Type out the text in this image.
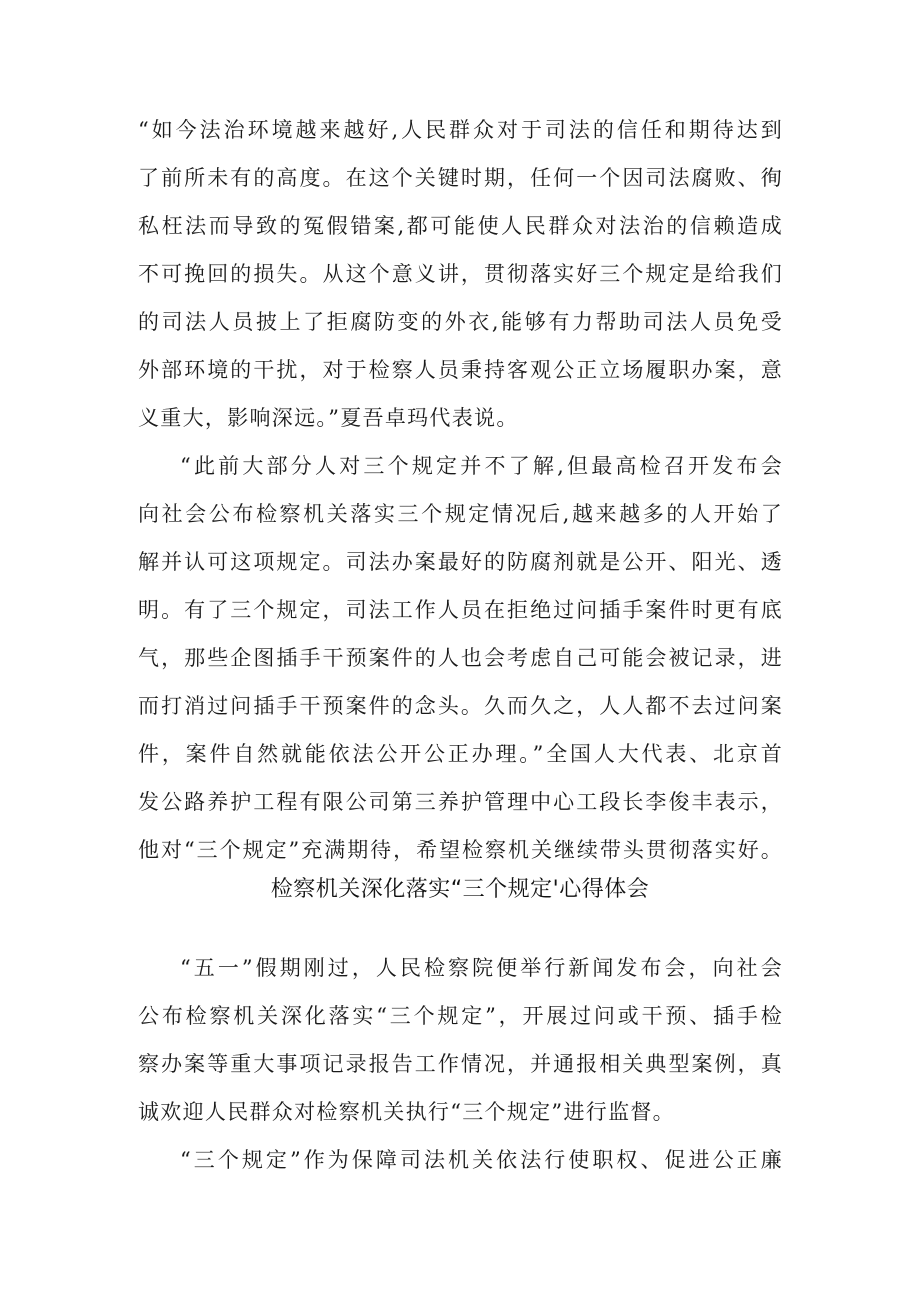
“如今法治环境越来越好,人民群众对于司法的信任和期待达到
了前所未有的高度。在这个关键时期，任何一个因司法腐败、徇
私枉法而导致的冤假错案,都可能使人民群众对法治的信赖造成
不可挽回的损失。从这个意义讲，贯彻落实好三个规定是给我们
的司法人员披上了拒腐防变的外衣,能够有力帮助司法人员免受
外部环境的干扰，对于检察人员秉持客观公正立场履职办案，意
义重大，影响深远。”夏吾卓玛代表说。
“此前大部分人对三个规定并不了解,但最高检召开发布会
向社会公布检察机关落实三个规定情况后,越来越多的人开始了
解并认可这项规定。司法办案最好的防腐剂就是公开、阳光、透
明。有了三个规定，司法工作人员在拒绝过问插手案件时更有底
气，那些企图插手干预案件的人也会考虑自己可能会被记录，进
而打消过问插手干预案件的念头。久而久之，人人都不去过问案
件，案件自然就能依法公开公正办理。”全国人大代表、北京首
发公路养护工程有限公司第三养护管理中心工段长李俊丰表示，
他对“三个规定”充满期待，希望检察机关继续带头贯彻落实好。
检察机关深化落实“三个规定'心得体会
“五一”假期刚过，人民检察院便举行新闻发布会，向社会
公布检察机关深化落实“三个规定”，开展过问或干预、插手检
察办案等重大事项记录报告工作情况，并通报相关典型案例，真
诚欢迎人民群众对检察机关执行“三个规定”进行监督。
“三个规定”作为保障司法机关依法行使职权、促进公正廉
